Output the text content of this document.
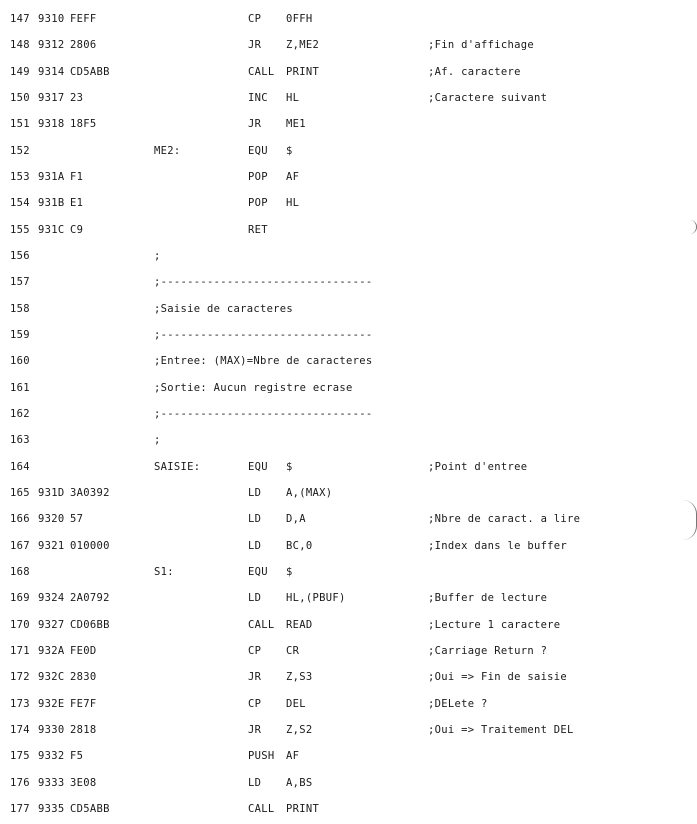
147 9310 FEFF	CP 0FFH
148 9312 2806	JR Z,ME2	;Fin d'affichage
149 9314 CD5ABB	CALL PRINT	;Af. caractere
150 9317 23	INC HL	;Caractere suivant
151 9318 18F5	JR ME1
152	ME2:	EQU $
153 931A F1	POP AF
154 931B E1	POP HL
155 931C C9	RET
156	;
157	;--------------------------------
158	;Saisie de caracteres
159	;--------------------------------
160	;Entree: (MAX)=Nbre de caracteres
161	;Sortie: Aucun registre ecrase
162	;--------------------------------
163	;
164	SAISIE:	EQU $	;Point d'entree
165 931D 3A0392	LD A,(MAX)
166 9320 57	LD D,A	;Nbre de caract. a lire
167 9321 010000	LD BC,0	;Index dans le buffer
168	S1:	EQU $
169 9324 2A0792	LD HL,(PBUF)	;Buffer de lecture
170 9327 CD06BB	CALL READ	;Lecture 1 caractere
171 932A FE0D	CP CR	;Carriage Return ?
172 932C 2830	JR Z,S3	;Oui => Fin de saisie
173 932E FE7F	CP DEL	;DELete ?
174 9330 2818	JR Z,S2	;Oui => Traitement DEL
175 9332 F5	PUSH AF
176 9333 3E08	LD A,BS
177 9335 CD5ABB	CALL PRINT
